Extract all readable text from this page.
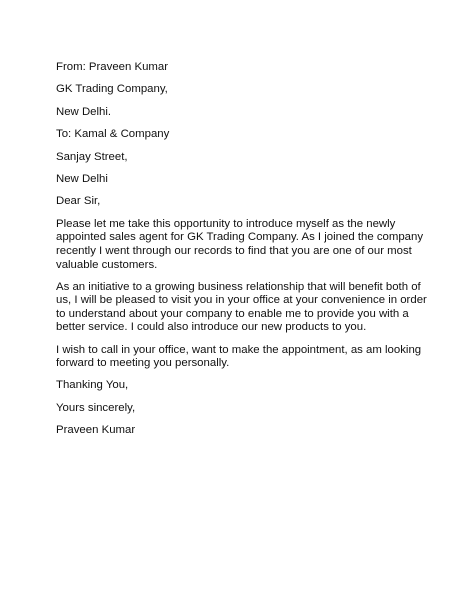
From: Praveen Kumar
GK Trading Company,
New Delhi.
To: Kamal & Company
Sanjay Street,
New Delhi
Dear Sir,
Please let me take this opportunity to introduce myself as the newly
appointed sales agent for GK Trading Company. As I joined the company
recently I went through our records to find that you are one of our most
valuable customers.
As an initiative to a growing business relationship that will benefit both of
us, I will be pleased to visit you in your office at your convenience in order
to understand about your company to enable me to provide you with a
better service. I could also introduce our new products to you.
I wish to call in your office, want to make the appointment, as am looking
forward to meeting you personally.
Thanking You,
Yours sincerely,
Praveen Kumar
